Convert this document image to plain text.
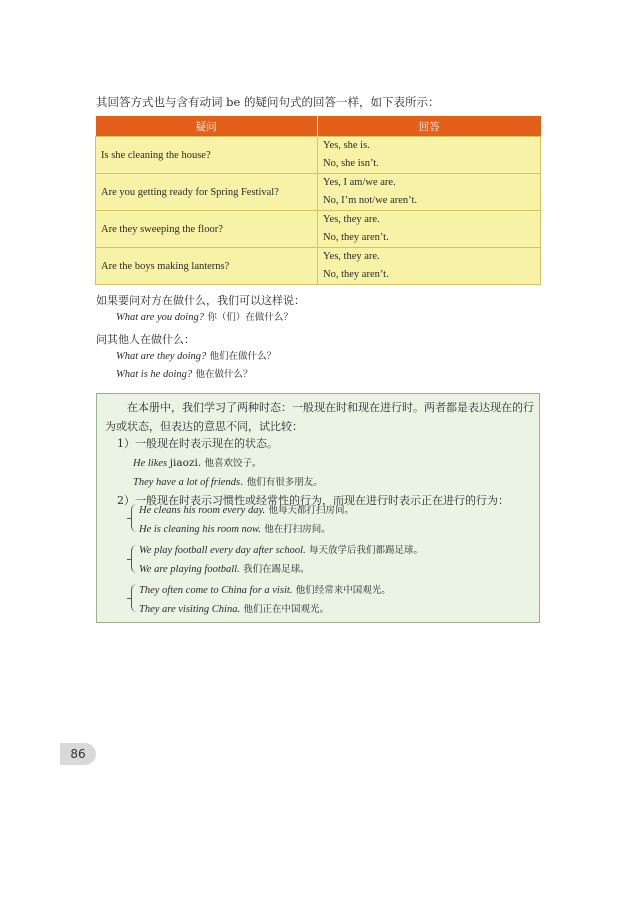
其回答方式也与含有动词 be 的疑问句式的回答一样，如下表所示：
疑问	回答
Is she cleaning the house?	Yes, she is.
No, she isn’t.

Are you getting ready for Spring Festival?	Yes, I am/we are.
No, I’m not/we aren’t.

Are they sweeping the floor?	Yes, they are.
No, they aren’t.

Are the boys making lanterns?	Yes, they are.
No, they aren’t.
如果要问对方在做什么，我们可以这样说：
What are you doing? 你（们）在做什么？
问其他人在做什么：
What are they doing? 他们在做什么？
What is he doing? 他在做什么？
在本册中，我们学习了两种时态：一般现在时和现在进行时。两者都是表达现在的行为或状态，但表达的意思不同，试比较：
1）一般现在时表示现在的状态。
He likes jiaozi. 他喜欢饺子。
They have a lot of friends. 他们有很多朋友。
2）一般现在时表示习惯性或经常性的行为，而现在进行时表示正在进行的行为：
He cleans his room every day. 他每天都打扫房间。
He is cleaning his room now. 他在打扫房间。
We play football every day after school. 每天放学后我们都踢足球。
We are playing football. 我们在踢足球。
They often come to China for a visit. 他们经常来中国观光。
They are visiting China. 他们正在中国观光。
86
